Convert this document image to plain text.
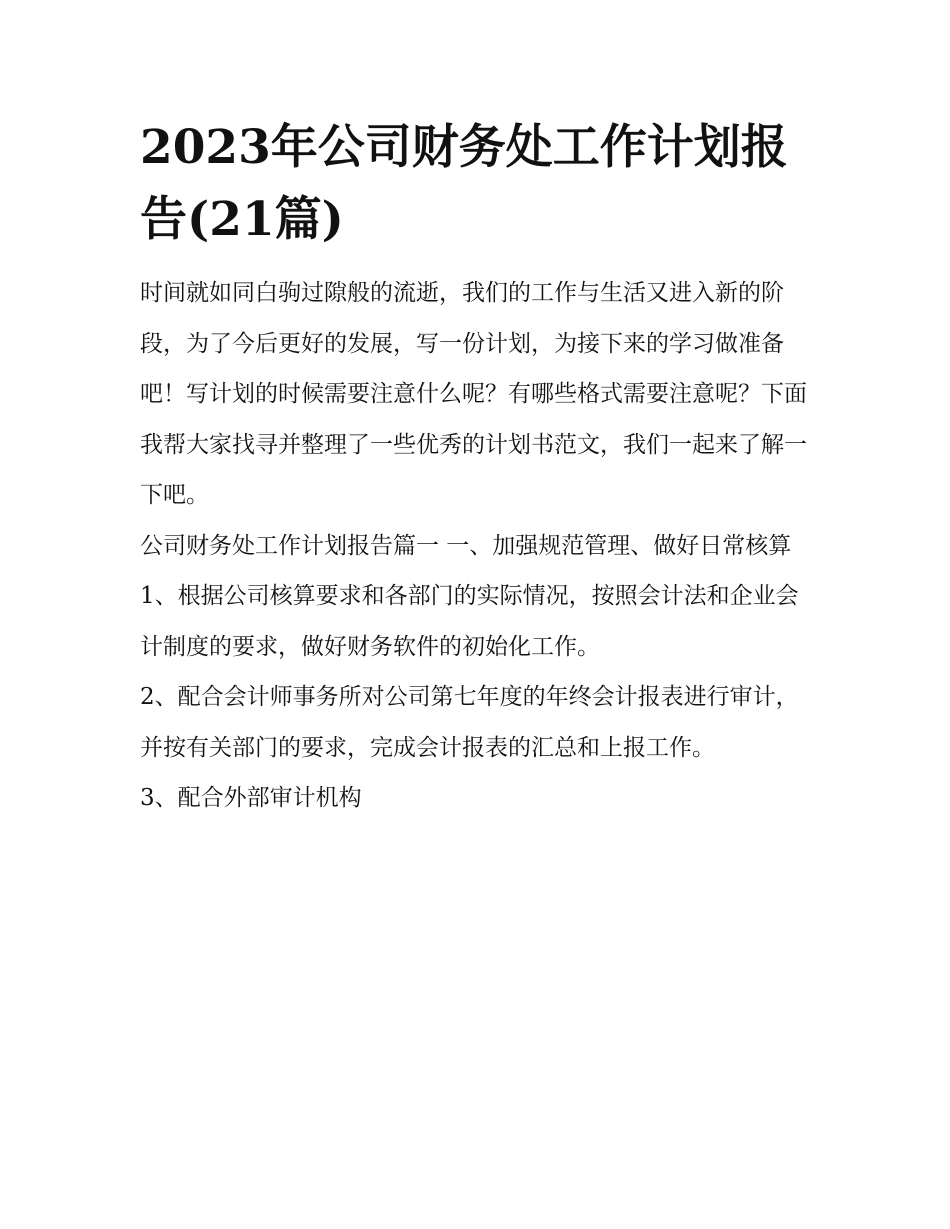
2023年公司财务处工作计划报告(21篇)

时间就如同白驹过隙般的流逝，我们的工作与生活又进入新的阶段，为了今后更好的发展，写一份计划，为接下来的学习做准备吧！写计划的时候需要注意什么呢？有哪些格式需要注意呢？下面我帮大家找寻并整理了一些优秀的计划书范文，我们一起来了解一下吧。

公司财务处工作计划报告篇一 一、加强规范管理、做好日常核算

1、根据公司核算要求和各部门的实际情况，按照会计法和企业会计制度的要求，做好财务软件的初始化工作。

2、配合会计师事务所对公司第七年度的年终会计报表进行审计，并按有关部门的要求，完成会计报表的汇总和上报工作。

3、配合外部审计机构
